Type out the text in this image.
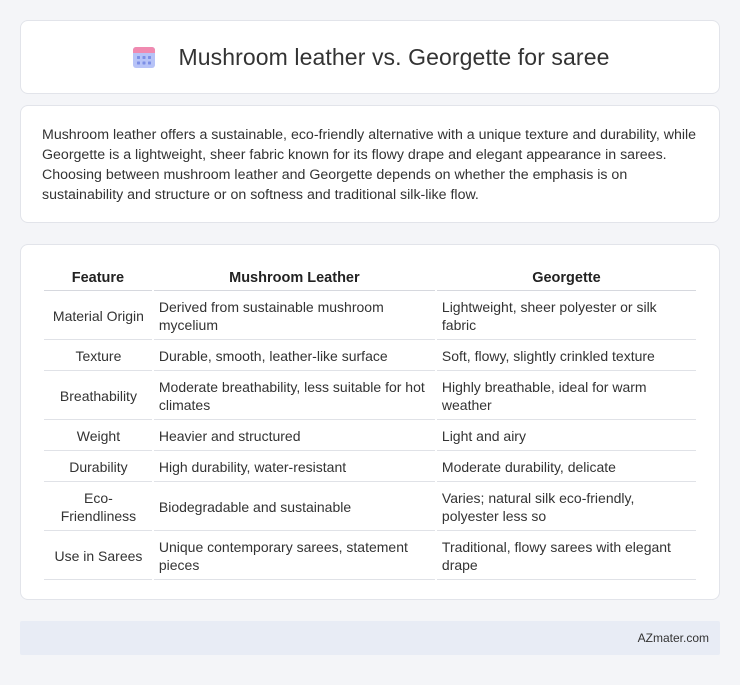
Mushroom leather vs. Georgette for saree

Mushroom leather offers a sustainable, eco-friendly alternative with a unique texture and durability, while Georgette is a lightweight, sheer fabric known for its flowy drape and elegant appearance in sarees. Choosing between mushroom leather and Georgette depends on whether the emphasis is on sustainability and structure or on softness and traditional silk-like flow.

Feature	Mushroom Leather	Georgette
Material Origin	Derived from sustainable mushroom mycelium	Lightweight, sheer polyester or silk fabric
Texture	Durable, smooth, leather-like surface	Soft, flowy, slightly crinkled texture
Breathability	Moderate breathability, less suitable for hot climates	Highly breathable, ideal for warm weather
Weight	Heavier and structured	Light and airy
Durability	High durability, water-resistant	Moderate durability, delicate
Eco-Friendliness	Biodegradable and sustainable	Varies; natural silk eco-friendly, polyester less so
Use in Sarees	Unique contemporary sarees, statement pieces	Traditional, flowy sarees with elegant drape
AZmater.com
